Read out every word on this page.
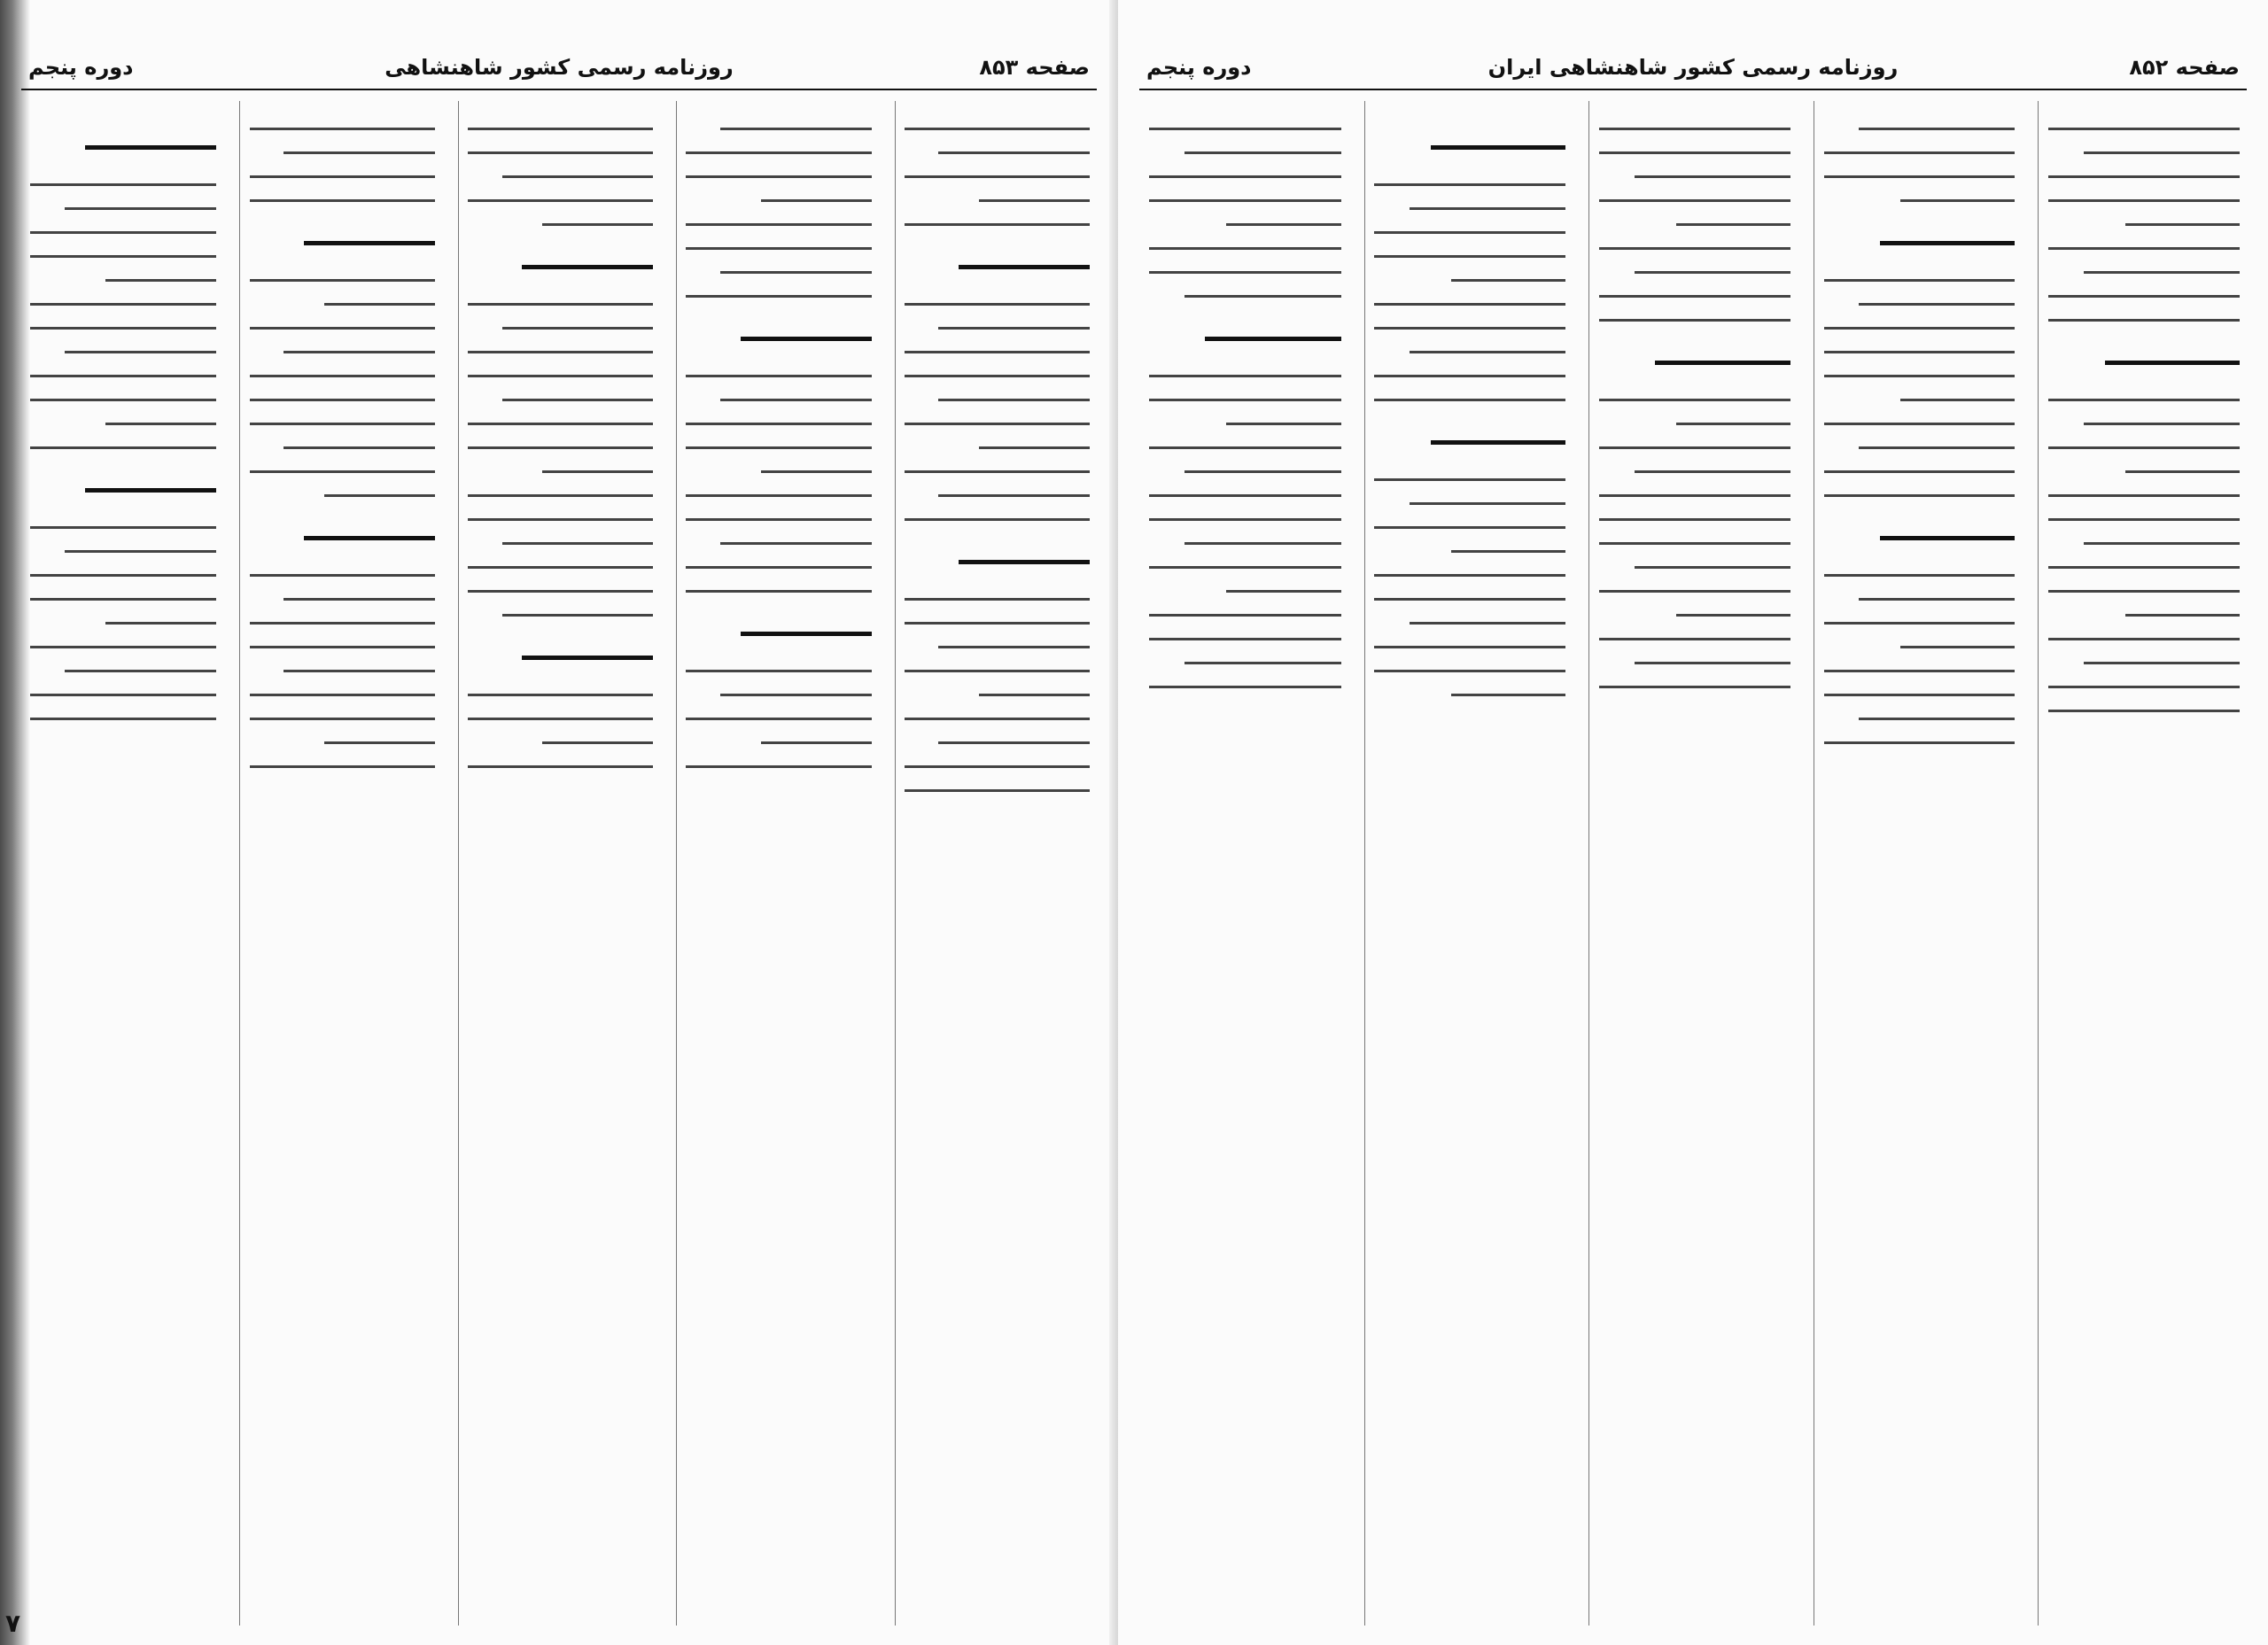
دوره پنجم	روزنامه رسمی کشور شاهنشاهی	صفحه ۸۵۳
۷
دوره پنجم	روزنامه رسمی کشور شاهنشاهی ایران	صفحه ۸۵۲
